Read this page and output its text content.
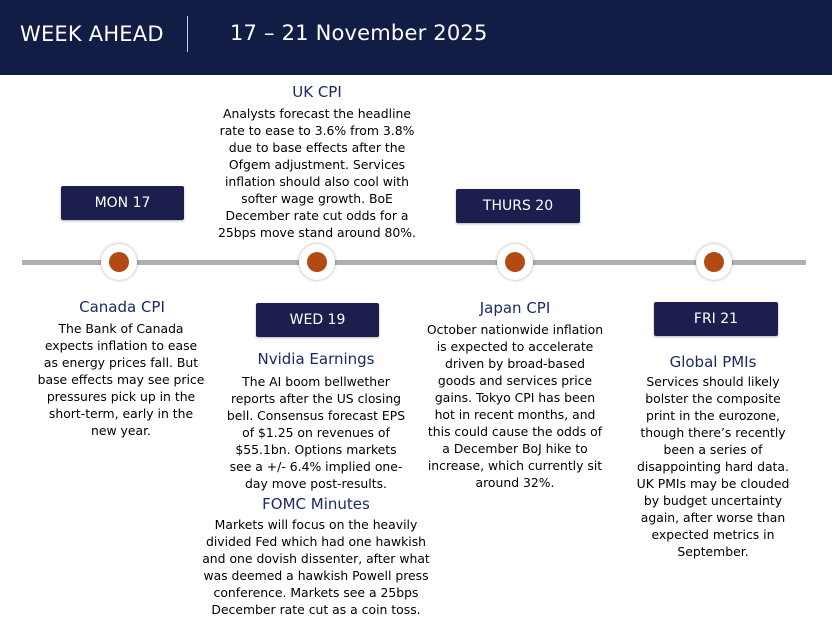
WEEK AHEAD	17 – 21 November 2025
MON 17
WED 19
THURS 20
FRI 21
UK CPI
Analysts forecast the headline rate to ease to 3.6% from 3.8% due to base effects after the Ofgem adjustment. Services inflation should also cool with softer wage growth. BoE December rate cut odds for a 25bps move stand around 80%.
Canada CPI
The Bank of Canada expects inflation to ease as energy prices fall. But base effects may see price pressures pick up in the short-term, early in the new year.
Nvidia Earnings
The AI boom bellwether reports after the US closing bell. Consensus forecast EPS of $1.25 on revenues of $55.1bn. Options markets see a +/- 6.4% implied one-day move post-results.
FOMC Minutes
Markets will focus on the heavily divided Fed which had one hawkish and one dovish dissenter, after what was deemed a hawkish Powell press conference. Markets see a 25bps December rate cut as a coin toss.
Japan CPI
October nationwide inflation is expected to accelerate driven by broad-based goods and services price gains. Tokyo CPI has been hot in recent months, and this could cause the odds of a December BoJ hike to increase, which currently sit around 32%.
Global PMIs
Services should likely bolster the composite print in the eurozone, though there’s recently been a series of disappointing hard data. UK PMIs may be clouded by budget uncertainty again, after worse than expected metrics in September.
